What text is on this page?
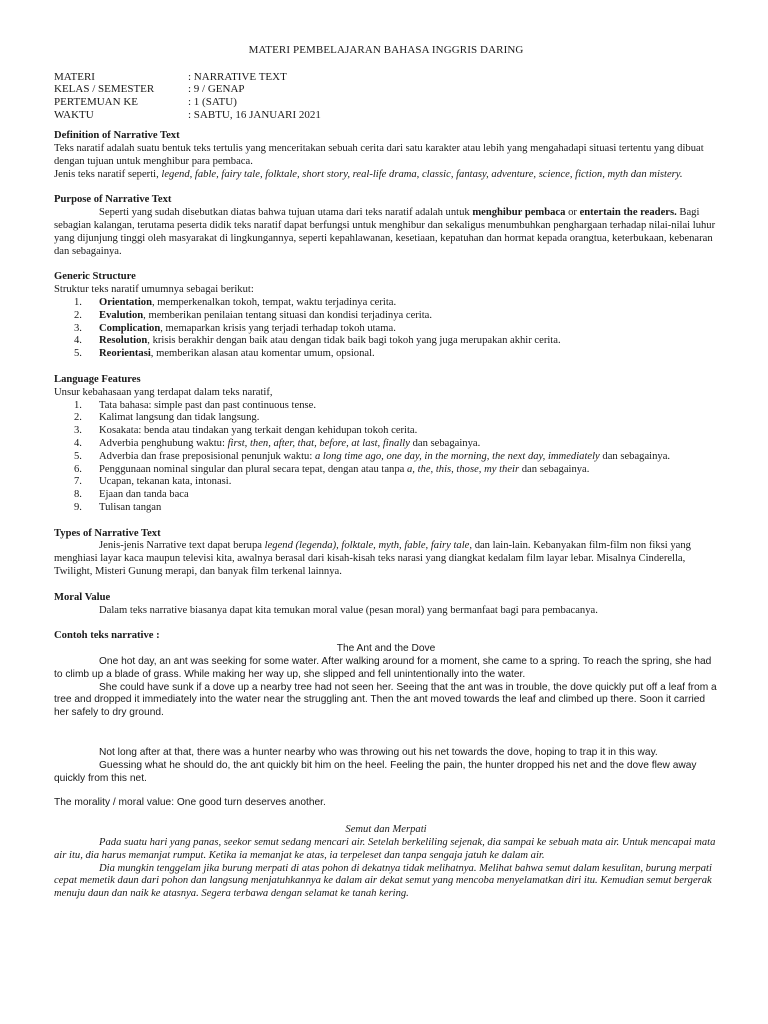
MATERI PEMBELAJARAN BAHASA INGGRIS DARING
MATERI	: NARRATIVE TEXT
KELAS / SEMESTER	: 9 / GENAP
PERTEMUAN KE	: 1 (SATU)
WAKTU	: SABTU, 16 JANUARI 2021
Definition of Narrative Text

Teks naratif adalah suatu bentuk teks tertulis yang menceritakan sebuah cerita dari satu karakter atau lebih yang mengahadapi situasi tertentu yang dibuat dengan tujuan untuk menghibur para pembaca.

Jenis teks naratif seperti, legend, fable, fairy tale, folktale, short story, real-life drama, classic, fantasy, adventure, science, fiction, myth dan mistery.

Purpose of Narrative Text

Seperti yang sudah disebutkan diatas bahwa tujuan utama dari teks naratif adalah untuk menghibur pembaca or entertain the readers. Bagi sebagian kalangan, terutama peserta didik teks naratif dapat berfungsi untuk menghibur dan sekaligus menumbuhkan penghargaan terhadap nilai-nilai luhur yang dijunjung tinggi oleh masyarakat di lingkungannya, seperti kepahlawanan, kesetiaan, kepatuhan dan hormat kepada orangtua, keterbukaan, kebenaran dan sebagainya.

Generic Structure

Struktur teks naratif umumnya sebagai berikut:

1.	Orientation, memperkenalkan tokoh, tempat, waktu terjadinya cerita.
2.	Evalution, memberikan penilaian tentang situasi dan kondisi terjadinya cerita.
3.	Complication, memaparkan krisis yang terjadi terhadap tokoh utama.
4.	Resolution, krisis berakhir dengan baik atau dengan tidak baik bagi tokoh yang juga merupakan akhir cerita.
5.	Reorientasi, memberikan alasan atau komentar umum, opsional.
Language Features

Unsur kebahasaan yang terdapat dalam teks naratif,

1.	Tata bahasa: simple past dan past continuous tense.
2.	Kalimat langsung dan tidak langsung.
3.	Kosakata: benda atau tindakan yang terkait dengan kehidupan tokoh cerita.
4.	Adverbia penghubung waktu: first, then, after, that, before, at last, finally dan sebagainya.
5.	Adverbia dan frase preposisional penunjuk waktu: a long time ago, one day, in the morning, the next day, immediately dan sebagainya.
6.	Penggunaan nominal singular dan plural secara tepat, dengan atau tanpa a, the, this, those, my their dan sebagainya.
7.	Ucapan, tekanan kata, intonasi.
8.	Ejaan dan tanda baca
9.	Tulisan tangan
Types of Narrative Text

Jenis-jenis Narrative text dapat berupa legend (legenda), folktale, myth, fable, fairy tale, dan lain-lain. Kebanyakan film-film non fiksi yang menghiasi layar kaca maupun televisi kita, awalnya berasal dari kisah-kisah teks narasi yang diangkat kedalam film layar lebar. Misalnya Cinderella, Twilight, Misteri Gunung merapi, dan banyak film terkenal lainnya.

Moral Value

Dalam teks narrative biasanya dapat kita temukan moral value (pesan moral) yang bermanfaat bagi para pembacanya.

Contoh teks narrative :

The Ant and the Dove

One hot day, an ant was seeking for some water. After walking around for a moment, she came to a spring. To reach the spring, she had to climb up a blade of grass. While making her way up, she slipped and fell unintentionally into the water.

She could have sunk if a dove up a nearby tree had not seen her. Seeing that the ant was in trouble, the dove quickly put off a leaf from a tree and dropped it immediately into the water near the struggling ant. Then the ant moved towards the leaf and climbed up there. Soon it carried her safely to dry ground.

Not long after at that, there was a hunter nearby who was throwing out his net towards the dove, hoping to trap it in this way.

Guessing what he should do, the ant quickly bit him on the heel. Feeling the pain, the hunter dropped his net and the dove flew away quickly from this net.

The morality / moral value: One good turn deserves another.

Semut dan Merpati

Pada suatu hari yang panas, seekor semut sedang mencari air. Setelah berkeliling sejenak, dia sampai ke sebuah mata air. Untuk mencapai mata air itu, dia harus memanjat rumput. Ketika ia memanjat ke atas, ia terpeleset dan tanpa sengaja jatuh ke dalam air.

Dia mungkin tenggelam jika burung merpati di atas pohon di dekatnya tidak melihatnya. Melihat bahwa semut dalam kesulitan, burung merpati cepat memetik daun dari pohon dan langsung menjatuhkannya ke dalam air dekat semut yang mencoba menyelamatkan diri itu. Kemudian semut bergerak menuju daun dan naik ke atasnya. Segera terbawa dengan selamat ke tanah kering.
